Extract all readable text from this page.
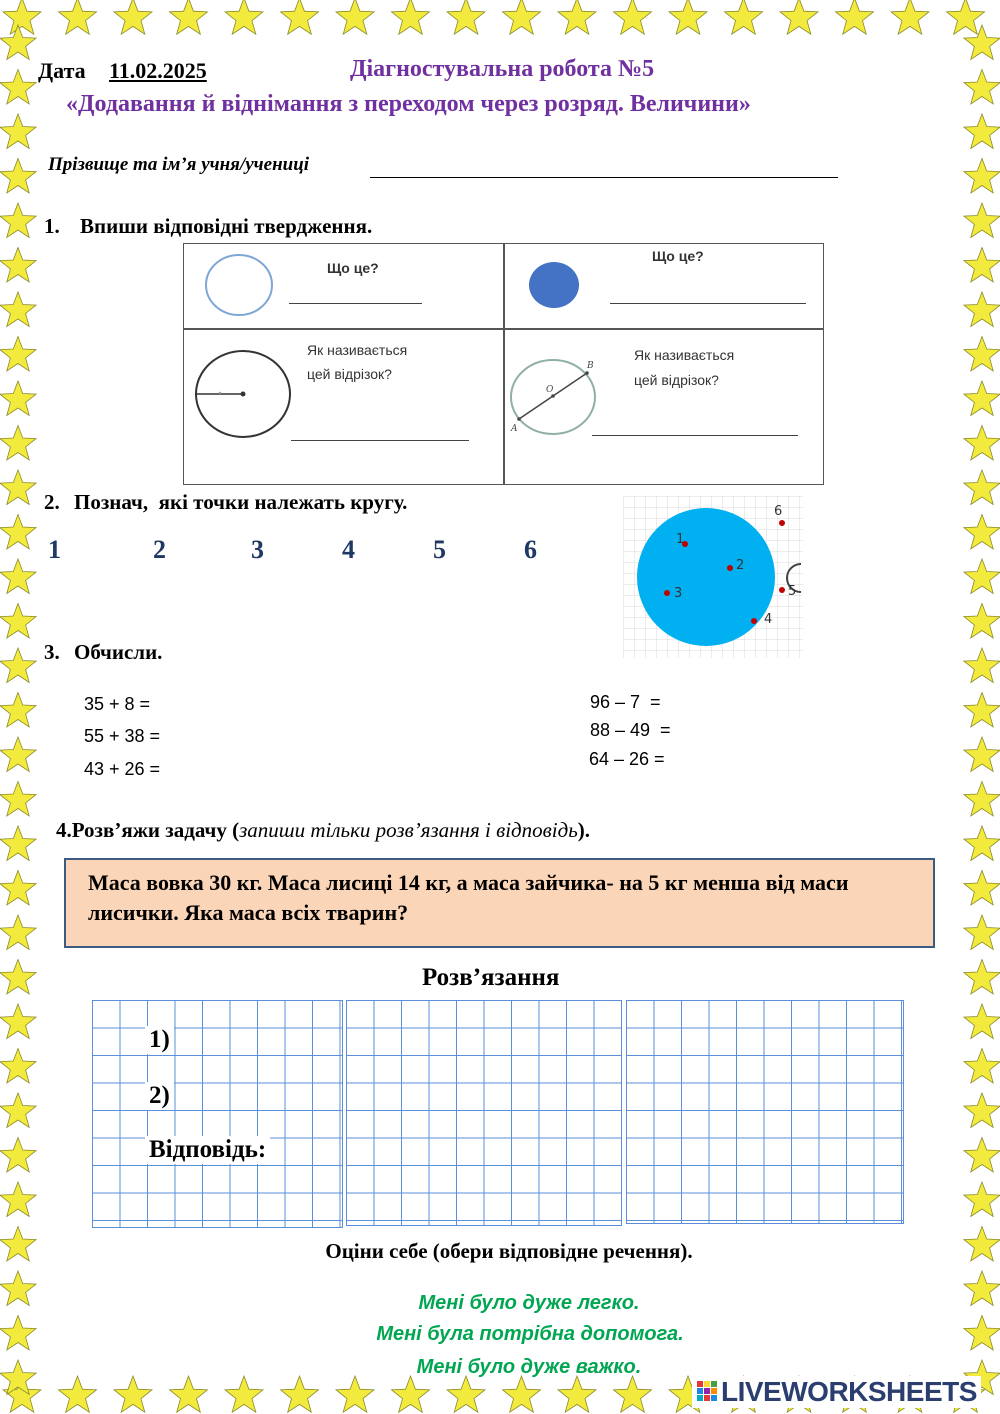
Дата 11.02.2025	Діагностувальна робота №5
«Додавання й віднімання з переходом через розряд. Величини»
Прізвище та ім’я учня/учениці
1. Впиши відповідні твердження.
Що це?
Що це?
Як називається
цей відрізок?
A
B
O
Як називається
цей відрізок?
2. Познач,  які точки належать кругу.
1	2	3	4	5	6	1
2
3
4
5
6
3. Обчисли.
35 + 8 =
55 + 38 =
43 + 26 =
96 – 7  =
88 – 49  =
64 – 26 =
4.Розв’яжи задачу (запиши тільки розв’язання і відповідь).
Маса вовка 30 кг. Маса лисиці 14 кг, а маса зайчика- на 5 кг менша від маси лисички. Яка маса всіх тварин?
Розв’язання
1)
2)
Відповідь:
Оціни себе (обери відповідне речення).
Мені було дуже легко.
Мені була потрібна допомога.
Мені було дуже важко.
LIVEWORKSHEETS
